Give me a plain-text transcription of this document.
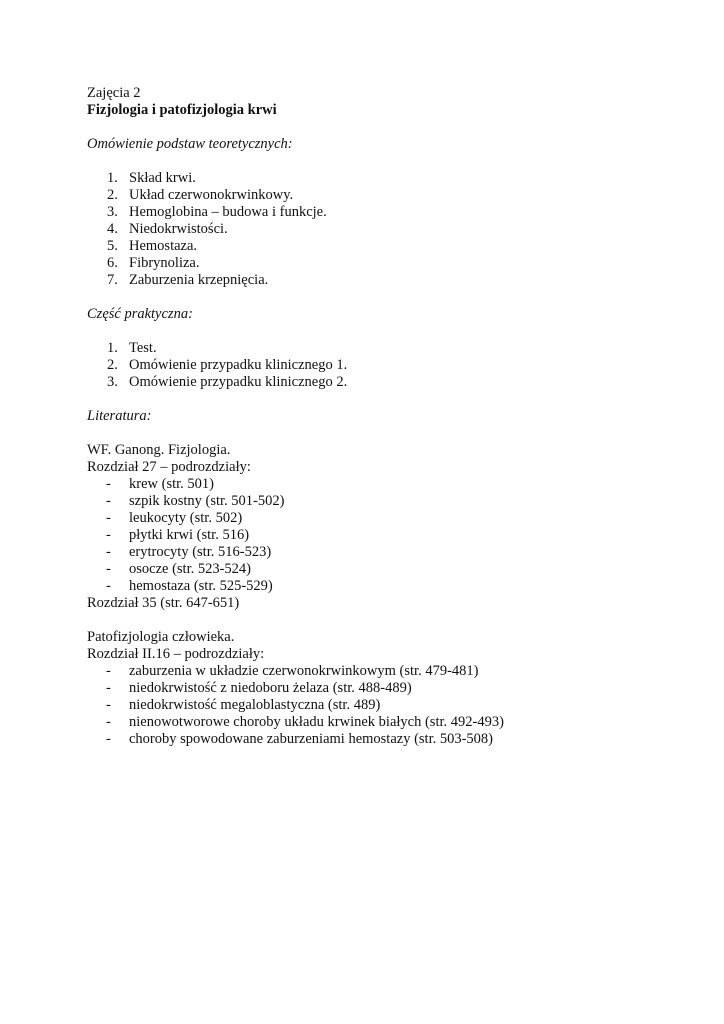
Zajęcia 2
Fizjologia i patofizjologia krwi
Omówienie podstaw teoretycznych:
1. Skład krwi.
2. Układ czerwonokrwinkowy.
3. Hemoglobina – budowa i funkcje.
4. Niedokrwistości.
5. Hemostaza.
6. Fibrynoliza.
7. Zaburzenia krzepnięcia.
Część praktyczna:
1. Test.
2. Omówienie przypadku klinicznego 1.
3. Omówienie przypadku klinicznego 2.
Literatura:
WF. Ganong. Fizjologia.
Rozdział 27 – podrozdziały:
- krew (str. 501)
- szpik kostny (str. 501-502)
- leukocyty (str. 502)
- płytki krwi (str. 516)
- erytrocyty (str. 516-523)
- osocze (str. 523-524)
- hemostaza (str. 525-529)
Rozdział 35 (str. 647-651)
Patofizjologia człowieka.
Rozdział II.16 – podrozdziały:
- zaburzenia w układzie czerwonokrwinkowym (str. 479-481)
- niedokrwistość z niedoboru żelaza (str. 488-489)
- niedokrwistość megaloblastyczna (str. 489)
- nienowotworowe choroby układu krwinek białych (str. 492-493)
- choroby spowodowane zaburzeniami hemostazy (str. 503-508)
